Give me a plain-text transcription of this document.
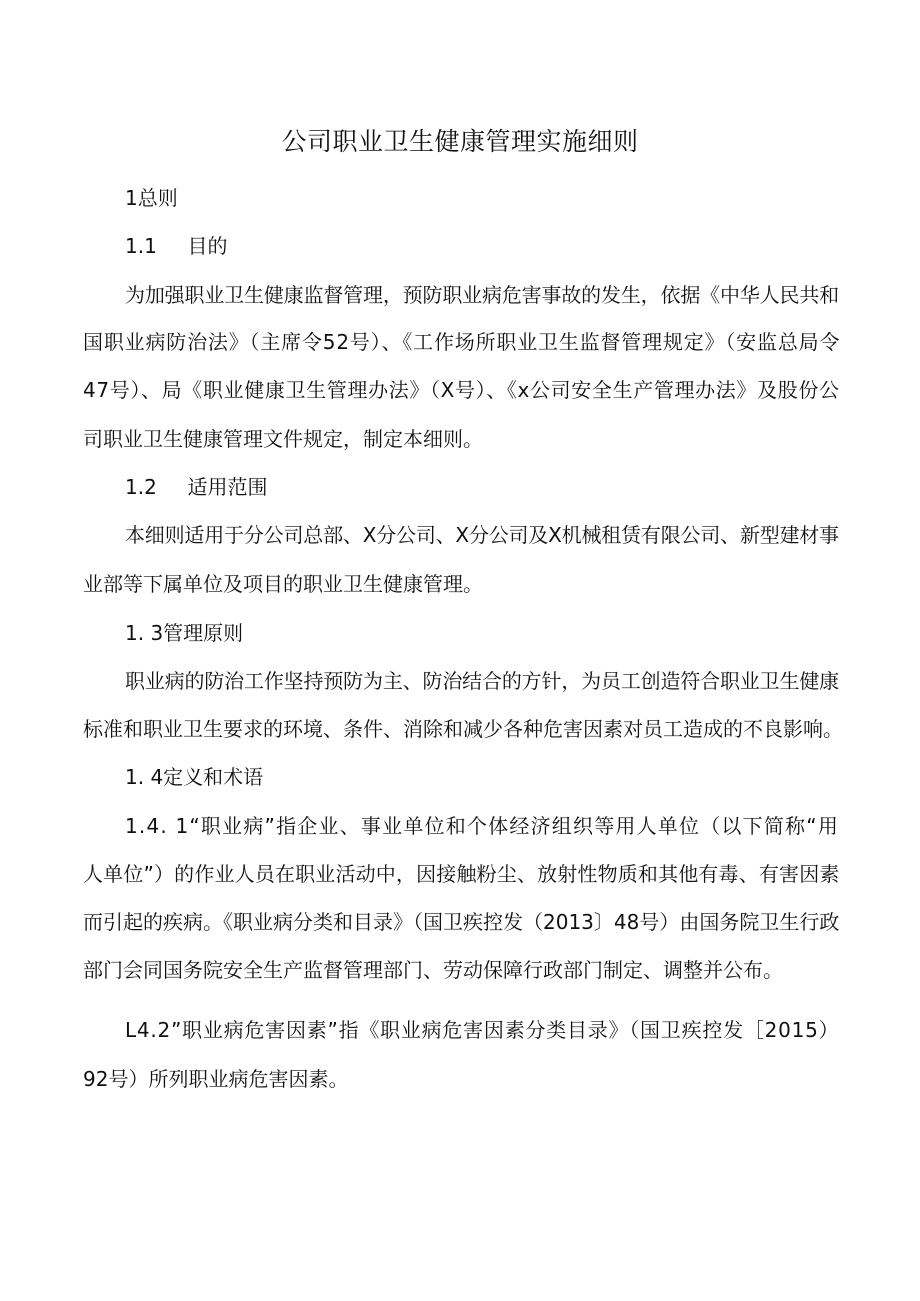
公司职业卫生健康管理实施细则
1总则
1.1 目的
为加强职业卫生健康监督管理，预防职业病危害事故的发生，依据《中华人民共和
国职业病防治法》（主席令52号）、《工作场所职业卫生监督管理规定》（安监总局令
47号）、局《职业健康卫生管理办法》（X号）、《x公司安全生产管理办法》及股份公
司职业卫生健康管理文件规定，制定本细则。
1.2 适用范围
本细则适用于分公司总部、X分公司、X分公司及X机械租赁有限公司、新型建材事
业部等下属单位及项目的职业卫生健康管理。
1. 3管理原则
职业病的防治工作坚持预防为主、防治结合的方针，为员工创造符合职业卫生健康
标准和职业卫生要求的环境、条件、消除和减少各种危害因素对员工造成的不良影响。
1. 4定义和术语
1.4. 1“职业病”指企业、事业单位和个体经济组织等用人单位（以下简称“用
人单位”）的作业人员在职业活动中，因接触粉尘、放射性物质和其他有毒、有害因素
而引起的疾病。《职业病分类和目录》（国卫疾控发（2013〕48号）由国务院卫生行政
部门会同国务院安全生产监督管理部门、劳动保障行政部门制定、调整并公布。
L4.2”职业病危害因素”指《职业病危害因素分类目录》（国卫疾控发［2015）
92号）所列职业病危害因素。
